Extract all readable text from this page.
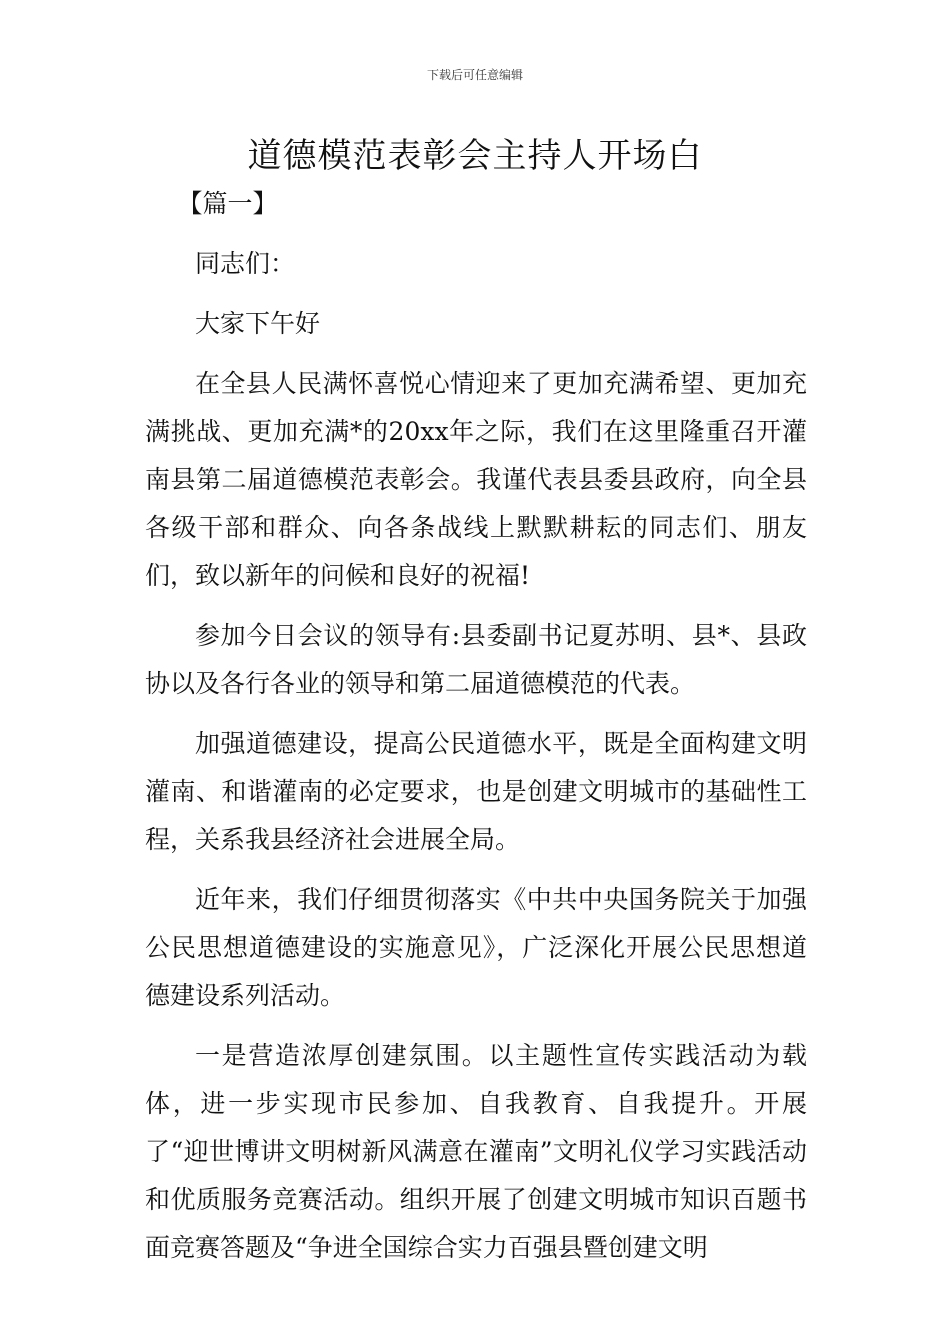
下载后可任意编辑
道德模范表彰会主持人开场白

【篇一】

同志们：

大家下午好

在全县人民满怀喜悦心情迎来了更加充满希望、更加充满挑战、更加充满*的20xx年之际，我们在这里隆重召开灌南县第二届道德模范表彰会。我谨代表县委县政府，向全县各级干部和群众、向各条战线上默默耕耘的同志们、朋友们，致以新年的问候和良好的祝福!

参加今日会议的领导有:县委副书记夏苏明、县*、县政协以及各行各业的领导和第二届道德模范的代表。

加强道德建设，提高公民道德水平，既是全面构建文明灌南、和谐灌南的必定要求，也是创建文明城市的基础性工程，关系我县经济社会进展全局。

近年来，我们仔细贯彻落实《中共中央国务院关于加强公民思想道德建设的实施意见》，广泛深化开展公民思想道德建设系列活动。

一是营造浓厚创建氛围。以主题性宣传实践活动为载体，进一步实现市民参加、自我教育、自我提升。开展了“迎世博讲文明树新风满意在灌南”文明礼仪学习实践活动和优质服务竞赛活动。组织开展了创建文明城市知识百题书面竞赛答题及“争进全国综合实力百强县暨创建文明
